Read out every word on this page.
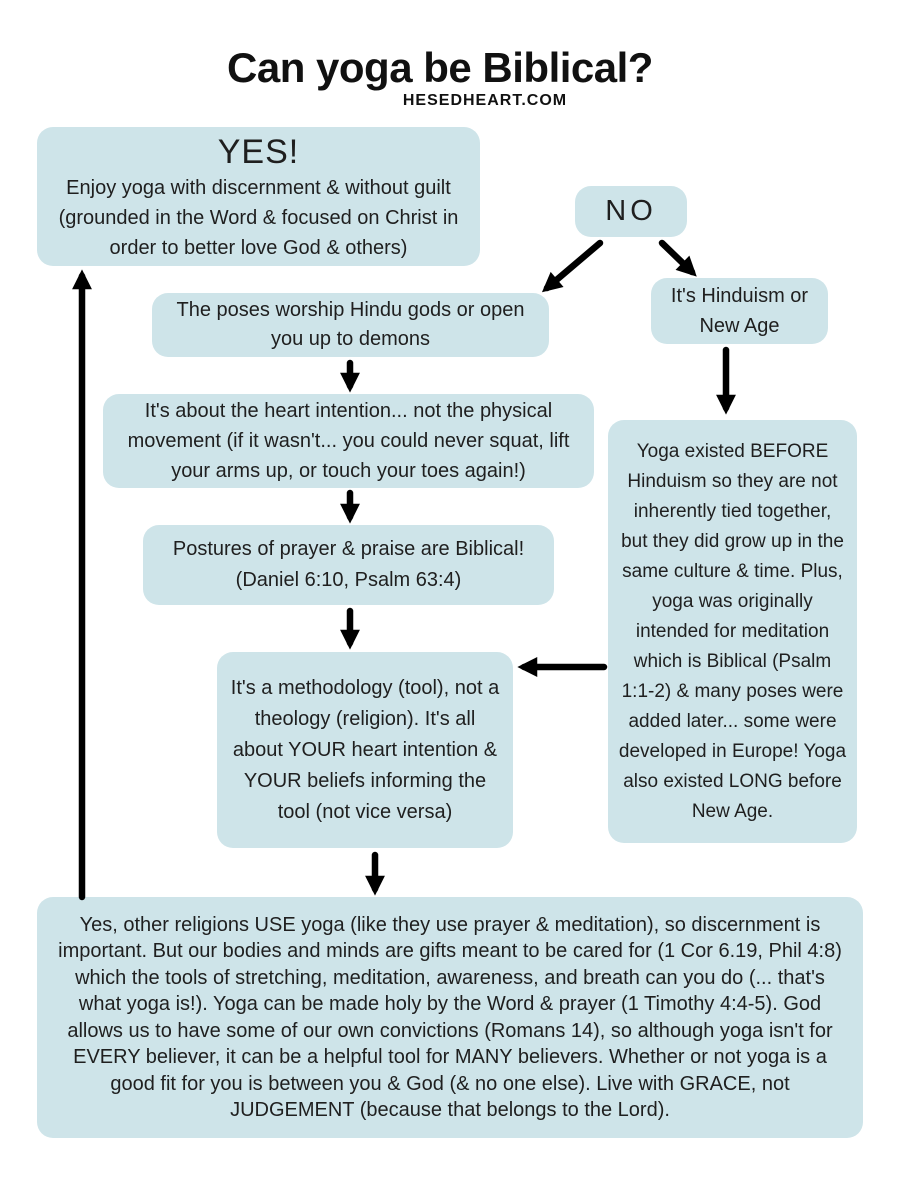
Can yoga be Biblical?
HESEDHEART.COM
YES!
Enjoy yoga with discernment & without guilt (grounded in the Word & focused on Christ in order to better love God & others)
NO
It's Hinduism or New Age
The poses worship Hindu gods or open you up to demons
It's about the heart intention... not the physical movement (if it wasn't... you could never squat, lift your arms up, or touch your toes again!)
Postures of prayer & praise are Biblical! (Daniel 6:10, Psalm 63:4)
It's a methodology (tool), not a theology (religion). It's all about YOUR heart intention & YOUR beliefs informing the tool (not vice versa)
Yoga existed BEFORE Hinduism so they are not inherently tied together, but they did grow up in the same culture & time. Plus, yoga was originally intended for meditation which is Biblical (Psalm 1:1-2) & many poses were added later... some were developed in Europe! Yoga also existed LONG before New Age.
Yes, other religions USE yoga (like they use prayer & meditation), so discernment is important. But our bodies and minds are gifts meant to be cared for (1 Cor 6.19, Phil 4:8) which the tools of stretching, meditation, awareness, and breath can you do (... that's what yoga is!). Yoga can be made holy by the Word & prayer (1 Timothy 4:4-5). God allows us to have some of our own convictions (Romans 14), so although yoga isn't for EVERY believer, it can be a helpful tool for MANY believers. Whether or not yoga is a good fit for you is between you & God (& no one else). Live with GRACE, not JUDGEMENT (because that belongs to the Lord).
